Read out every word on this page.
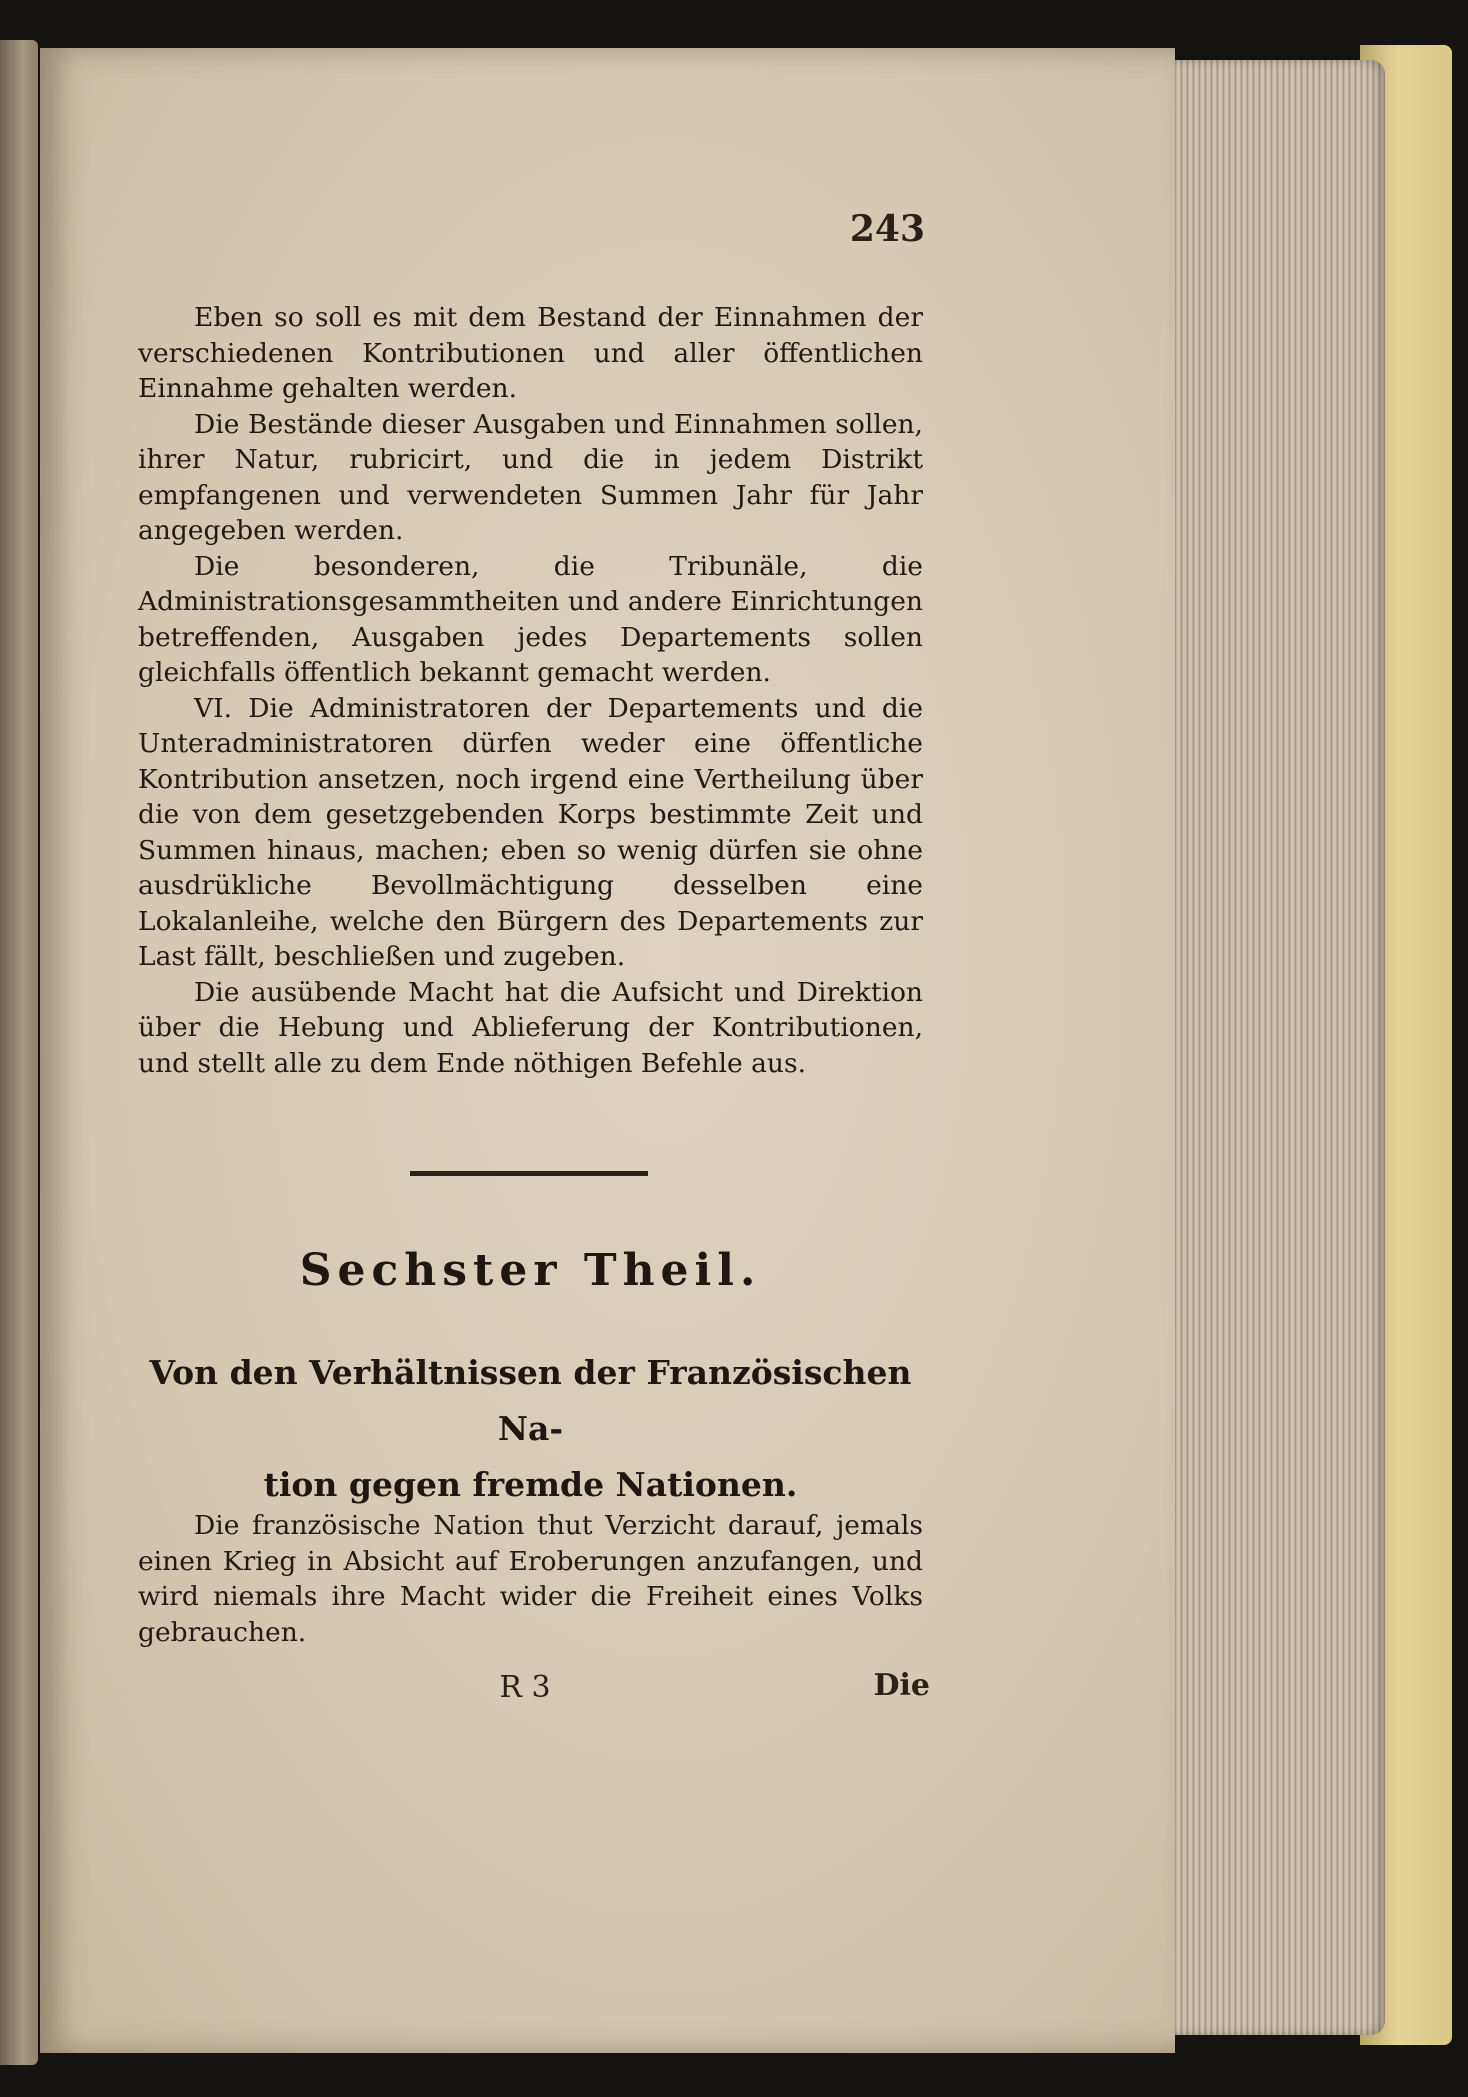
243

Eben so soll es mit dem Bestand der Einnahmen der verschiedenen Kontributionen und aller öffentlichen Einnahme gehalten werden.

Die Bestände dieser Ausgaben und Einnahmen sollen, ihrer Natur, rubricirt, und die in jedem Distrikt empfangenen und verwendeten Summen Jahr für Jahr angegeben werden.

Die besonderen, die Tribunäle, die Administrationsgesammtheiten und andere Einrichtungen betreffenden, Ausgaben jedes Departements sollen gleichfalls öffentlich bekannt gemacht werden.

VI. Die Administratoren der Departements und die Unteradministratoren dürfen weder eine öffentliche Kontribution ansetzen, noch irgend eine Vertheilung über die von dem gesetzgebenden Korps bestimmte Zeit und Summen hinaus, machen; eben so wenig dürfen sie ohne ausdrükliche Bevollmächtigung desselben eine Lokalanleihe, welche den Bürgern des Departements zur Last fällt, beschließen und zugeben.

Die ausübende Macht hat die Aufsicht und Direktion über die Hebung und Ablieferung der Kontributionen, und stellt alle zu dem Ende nöthigen Befehle aus.

Sechster Theil.
Von den Verhältnissen der Französischen Na-
tion gegen fremde Nationen.

Die französische Nation thut Verzicht darauf, jemals einen Krieg in Absicht auf Eroberungen anzufangen, und wird niemals ihre Macht wider die Freiheit eines Volks gebrauchen.

R 3	Die
